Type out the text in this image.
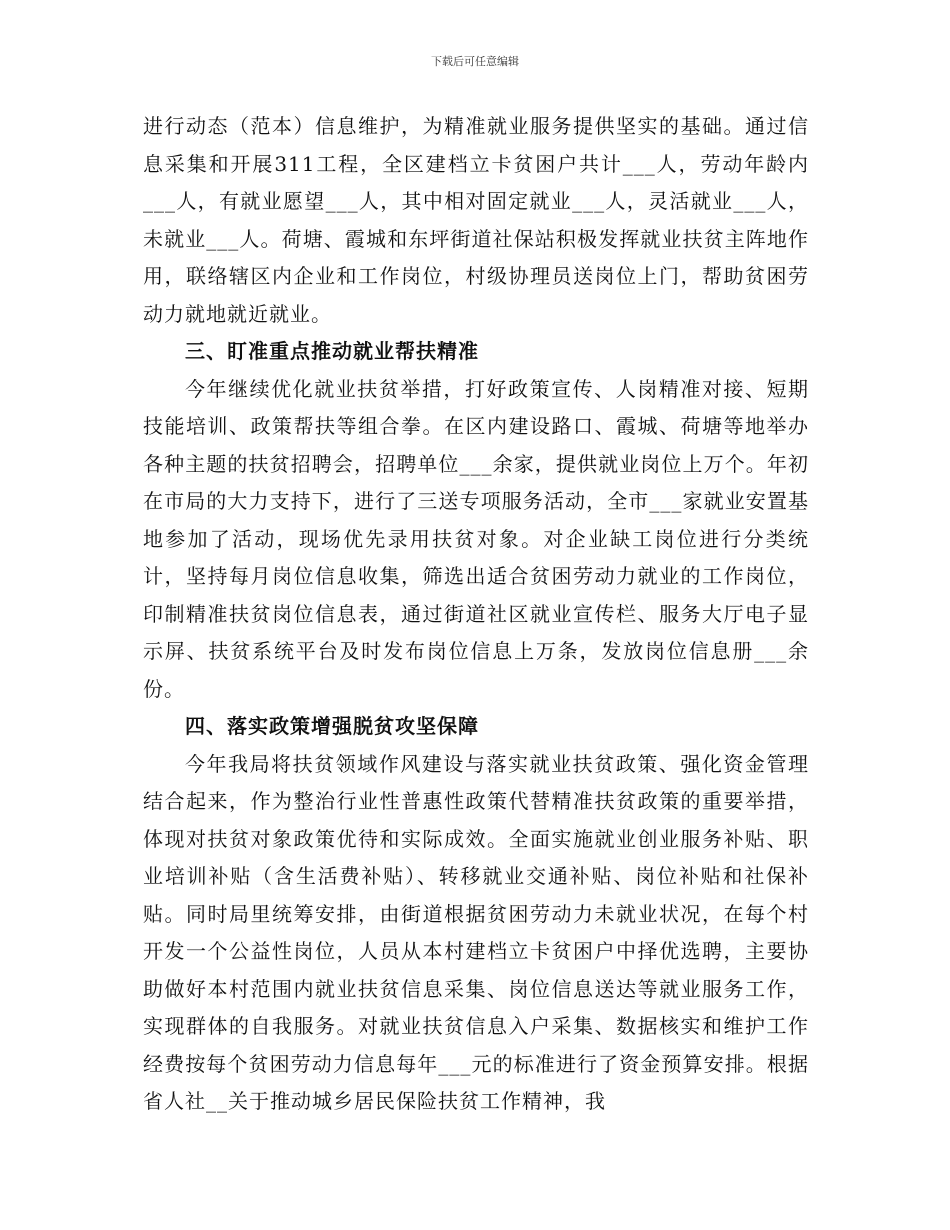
下载后可任意编辑

进行动态（范本）信息维护，为精准就业服务提供坚实的基础。通过信息采集和开展311工程，全区建档立卡贫困户共计___人，劳动年龄内___人，有就业愿望___人，其中相对固定就业___人，灵活就业___人，未就业___人。荷塘、霞城和东坪街道社保站积极发挥就业扶贫主阵地作用，联络辖区内企业和工作岗位，村级协理员送岗位上门，帮助贫困劳动力就地就近就业。

三、盯准重点推动就业帮扶精准

今年继续优化就业扶贫举措，打好政策宣传、人岗精准对接、短期技能培训、政策帮扶等组合拳。在区内建设路口、霞城、荷塘等地举办各种主题的扶贫招聘会，招聘单位___余家，提供就业岗位上万个。年初在市局的大力支持下，进行了三送专项服务活动，全市___家就业安置基地参加了活动，现场优先录用扶贫对象。对企业缺工岗位进行分类统计，坚持每月岗位信息收集，筛选出适合贫困劳动力就业的工作岗位，印制精准扶贫岗位信息表，通过街道社区就业宣传栏、服务大厅电子显示屏、扶贫系统平台及时发布岗位信息上万条，发放岗位信息册___余份。

四、落实政策增强脱贫攻坚保障

今年我局将扶贫领域作风建设与落实就业扶贫政策、强化资金管理结合起来，作为整治行业性普惠性政策代替精准扶贫政策的重要举措，体现对扶贫对象政策优待和实际成效。全面实施就业创业服务补贴、职业培训补贴（含生活费补贴）、转移就业交通补贴、岗位补贴和社保补贴。同时局里统筹安排，由街道根据贫困劳动力未就业状况，在每个村开发一个公益性岗位，人员从本村建档立卡贫困户中择优选聘，主要协助做好本村范围内就业扶贫信息采集、岗位信息送达等就业服务工作，实现群体的自我服务。对就业扶贫信息入户采集、数据核实和维护工作经费按每个贫困劳动力信息每年___元的标准进行了资金预算安排。根据省人社__关于推动城乡居民保险扶贫工作精神，我
